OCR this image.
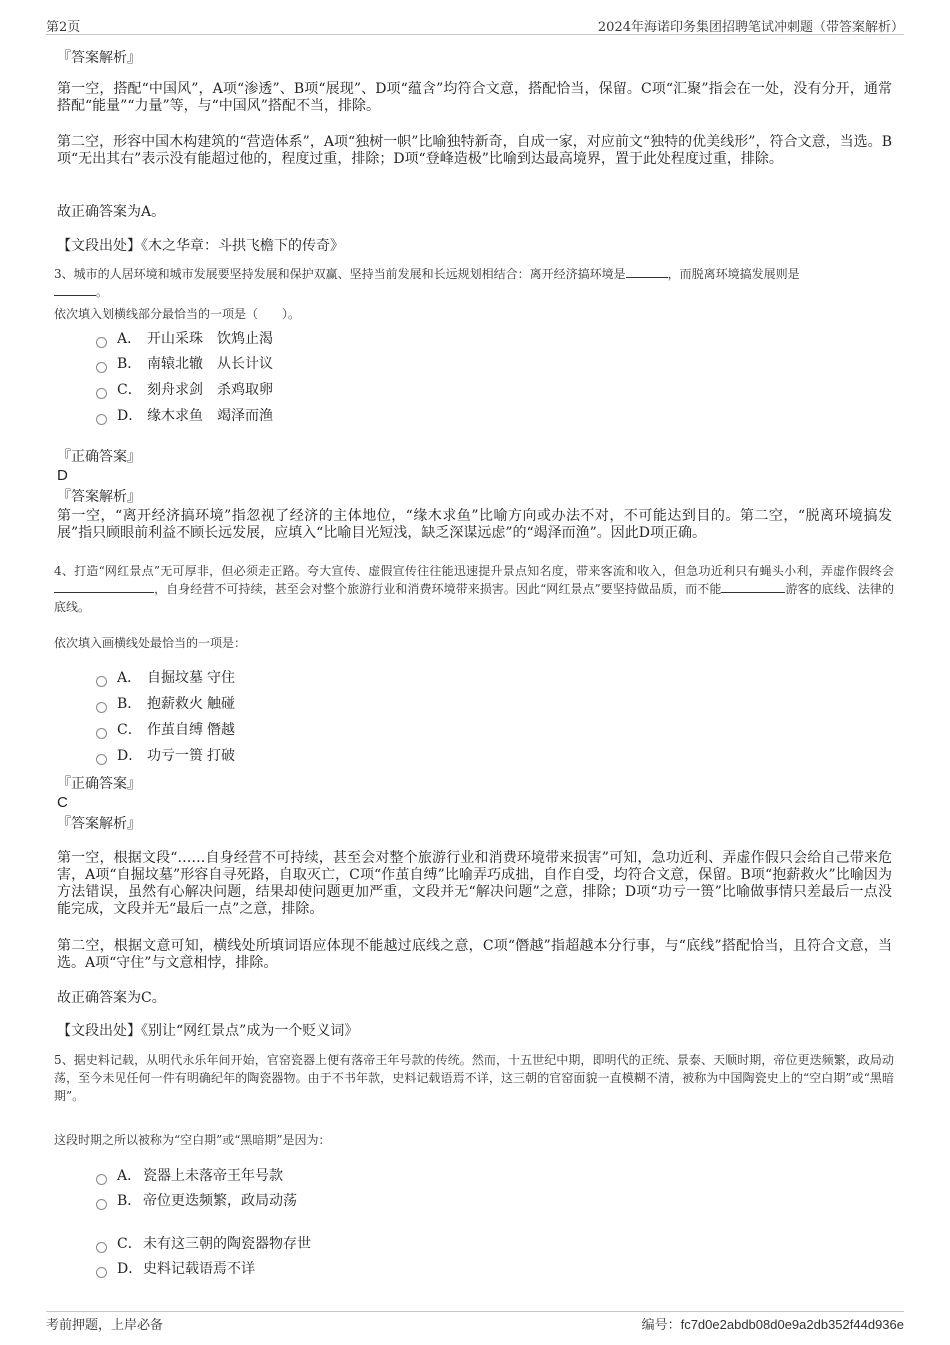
第2页	2024年海诺印务集团招聘笔试冲刺题（带答案解析）
『答案解析』
第一空，搭配“中国风”，A项“渗透”、B项“展现”、D项“蕴含”均符合文意，搭配恰当，保留。C项“汇聚”指会在一处，没有分开，通常搭配“能量”“力量”等，与“中国风”搭配不当，排除。
第二空，形容中国木构建筑的“营造体系”，A项“独树一帜”比喻独特新奇，自成一家，对应前文“独特的优美线形”，符合文意，当选。B项“无出其右”表示没有能超过他的，程度过重，排除；D项“登峰造极”比喻到达最高境界，置于此处程度过重，排除。
故正确答案为A。
【文段出处】《木之华章：斗拱飞檐下的传奇》
3、城市的人居环境和城市发展要坚持发展和保护双赢、坚持当前发展和长远规划相结合：离开经济搞环境是	，而脱离环境搞发展则是
。
依次填入划横线部分最恰当的一项是（　　）。
A． 开山采珠 饮鸩止渴
B． 南辕北辙 从长计议
C． 刻舟求剑 杀鸡取卵
D． 缘木求鱼 竭泽而渔
『正确答案』
D
『答案解析』
第一空，“离开经济搞环境”指忽视了经济的主体地位，“缘木求鱼”比喻方向或办法不对，不可能达到目的。第二空，“脱离环境搞发展”指只顾眼前利益不顾长远发展，应填入“比喻目光短浅，缺乏深谋远虑”的“竭泽而渔”。因此D项正确。
4、打造“网红景点”无可厚非，但必须走正路。夸大宣传、虚假宣传往往能迅速提升景点知名度，带来客流和收入，但急功近利只有蝇头小利，弄虚作假终会，自身经营不可持续，甚至会对整个旅游行业和消费环境带来损害。因此“网红景点”要坚持做品质，而不能	游客的底线、法律的底线。
依次填入画横线处最恰当的一项是：
A． 自掘坟墓 守住
B． 抱薪救火 触碰
C． 作茧自缚 僭越
D． 功亏一篑 打破
『正确答案』
C
『答案解析』
第一空，根据文段“……自身经营不可持续，甚至会对整个旅游行业和消费环境带来损害”可知，急功近利、弄虚作假只会给自己带来危害，A项“自掘坟墓”形容自寻死路，自取灭亡，C项“作茧自缚”比喻弄巧成拙，自作自受，均符合文意，保留。B项“抱薪救火”比喻因为方法错误，虽然有心解决问题，结果却使问题更加严重，文段并无“解决问题”之意，排除；D项“功亏一篑”比喻做事情只差最后一点没能完成，文段并无“最后一点”之意，排除。
第二空，根据文意可知，横线处所填词语应体现不能越过底线之意，C项“僭越”指超越本分行事，与“底线”搭配恰当，且符合文意，当选。A项“守住”与文意相悖，排除。
故正确答案为C。
【文段出处】《别让“网红景点”成为一个贬义词》
5、据史料记载，从明代永乐年间开始，官窑瓷器上便有落帝王年号款的传统。然而，十五世纪中期，即明代的正统、景泰、天顺时期，帝位更迭频繁，政局动荡，至今未见任何一件有明确纪年的陶瓷器物。由于不书年款，史料记载语焉不详，这三朝的官窑面貌一直模糊不清，被称为中国陶瓷史上的“空白期”或“黑暗期”。
这段时期之所以被称为“空白期”或“黑暗期”是因为：
A． 瓷器上未落帝王年号款
B． 帝位更迭频繁，政局动荡
C． 未有这三朝的陶瓷器物存世
D． 史料记载语焉不详
考前押题，上岸必备	编号：fc7d0e2abdb08d0e9a2db352f44d936e
